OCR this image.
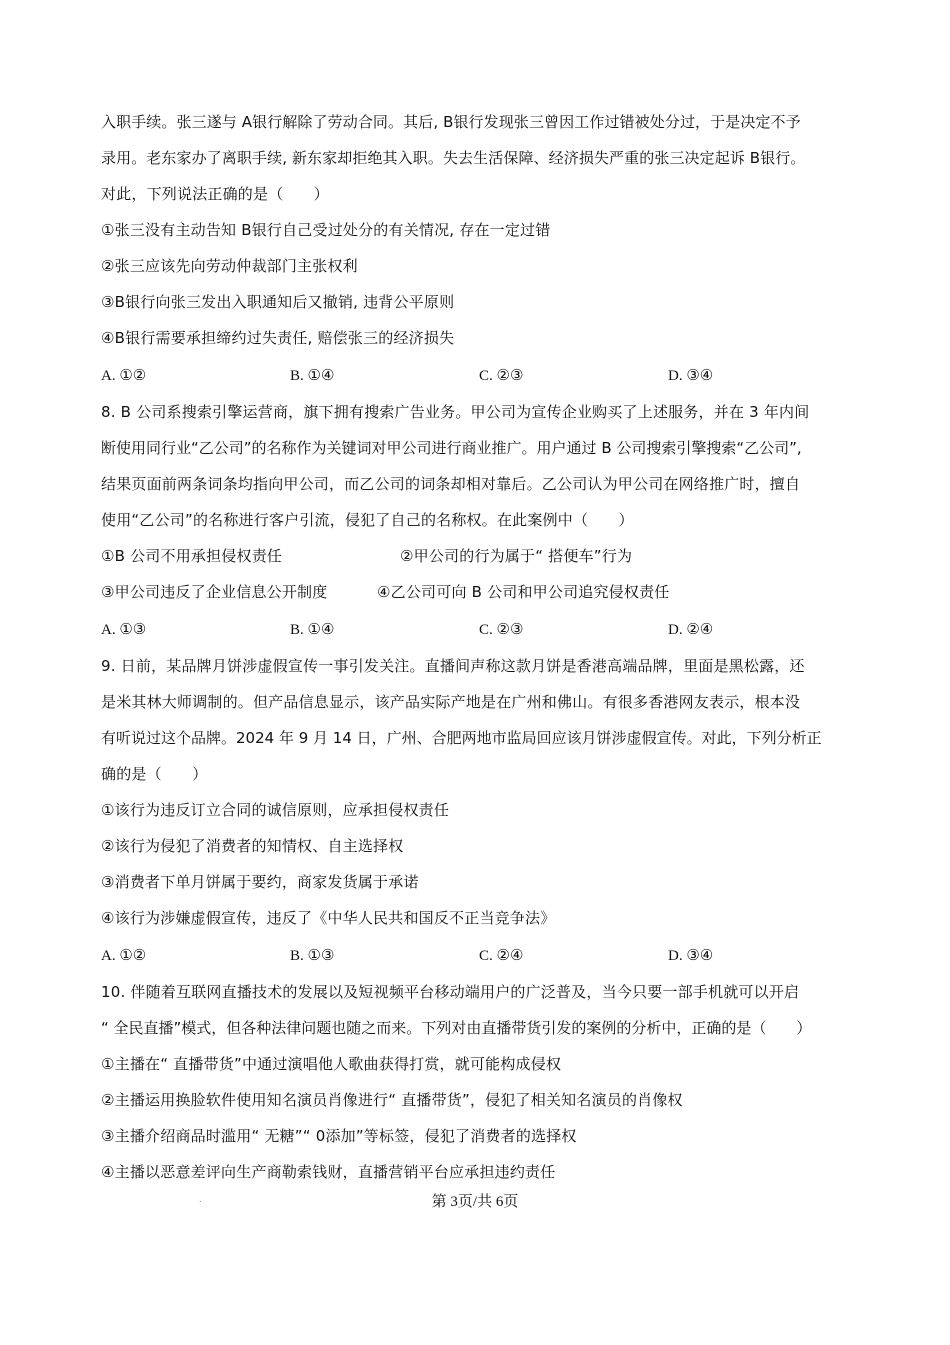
入职手续。张三遂与 A银行解除了劳动合同。其后, B银行发现张三曾因工作过错被处分过，于是决定不予
录用。老东家办了离职手续, 新东家却拒绝其入职。失去生活保障、经济损失严重的张三决定起诉 B银行。
对此，下列说法正确的是（　　）
①张三没有主动告知 B银行自己受过处分的有关情况, 存在一定过错
②张三应该先向劳动仲裁部门主张权利
③B银行向张三发出入职通知后又撤销, 违背公平原则
④B银行需要承担缔约过失责任, 赔偿张三的经济损失
A. ①②	B. ①④	C. ②③	D. ③④
8. B 公司系搜索引擎运营商，旗下拥有搜索广告业务。甲公司为宣传企业购买了上述服务，并在 3 年内间
断使用同行业“乙公司”的名称作为关键词对甲公司进行商业推广。用户通过 B 公司搜索引擎搜索“乙公司”,
结果页面前两条词条均指向甲公司，而乙公司的词条却相对靠后。乙公司认为甲公司在网络推广时，擅自
使用“乙公司”的名称进行客户引流，侵犯了自己的名称权。在此案例中（　　）
①B 公司不用承担侵权责任	②甲公司的行为属于“ 搭便车”行为
③甲公司违反了企业信息公开制度	④乙公司可向 B 公司和甲公司追究侵权责任
A. ①③	B. ①④	C. ②③	D. ②④
9. 日前，某品牌月饼涉虚假宣传一事引发关注。直播间声称这款月饼是香港高端品牌，里面是黑松露，还
是米其林大师调制的。但产品信息显示，该产品实际产地是在广州和佛山。有很多香港网友表示，根本没
有听说过这个品牌。2024 年 9 月 14 日，广州、合肥两地市监局回应该月饼涉虚假宣传。对此，下列分析正
确的是（　　）
①该行为违反订立合同的诚信原则，应承担侵权责任
②该行为侵犯了消费者的知情权、自主选择权
③消费者下单月饼属于要约，商家发货属于承诺
④该行为涉嫌虚假宣传，违反了《中华人民共和国反不正当竞争法》
A. ①②	B. ①③	C. ②④	D. ③④
10. 伴随着互联网直播技术的发展以及短视频平台移动端用户的广泛普及，当今只要一部手机就可以开启
“ 全民直播”模式，但各种法律问题也随之而来。下列对由直播带货引发的案例的分析中，正确的是（　　）
①主播在“ 直播带货”中通过演唱他人歌曲获得打赏，就可能构成侵权
②主播运用换脸软件使用知名演员肖像进行“ 直播带货”，侵犯了相关知名演员的肖像权
③主播介绍商品时滥用“ 无糖”“ 0添加”等标签，侵犯了消费者的选择权
④主播以恶意差评向生产商勒索钱财，直播营销平台应承担违约责任
.	第 3页/共 6页
